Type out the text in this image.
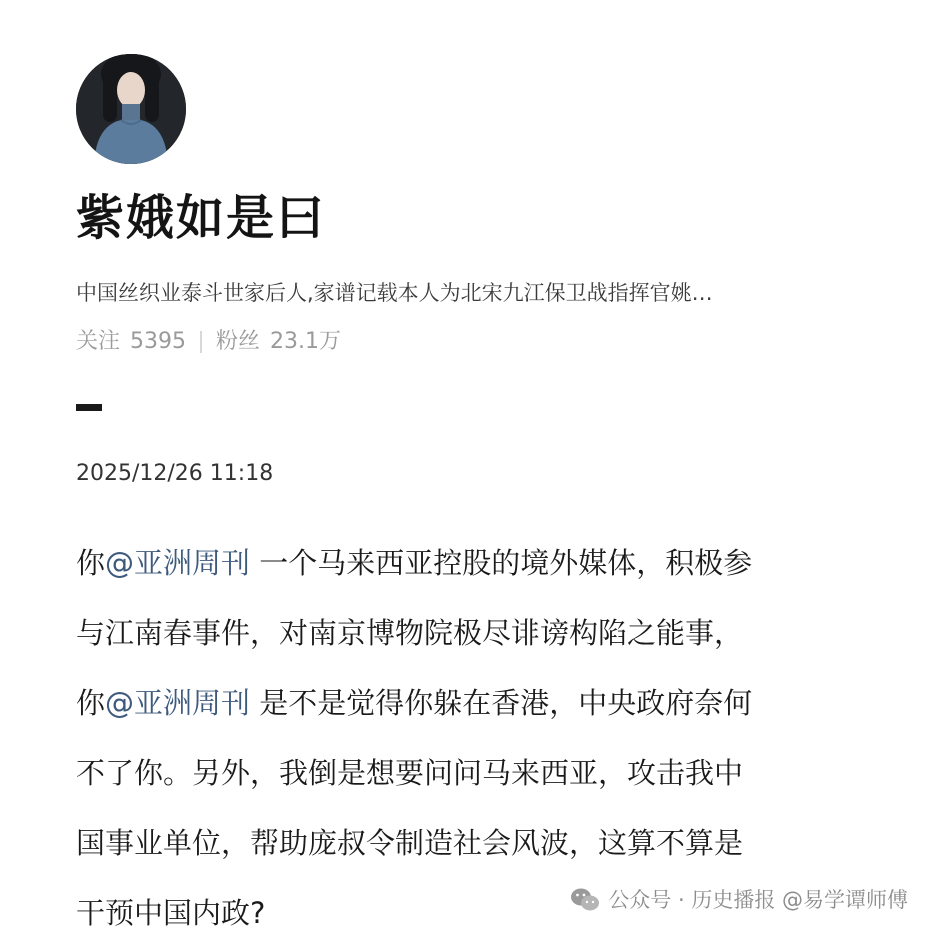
紫娥如是曰
中国丝织业泰斗世家后人,家谱记载本人为北宋九江保卫战指挥官姚…
关注 5395 粉丝 23.1万
2025/12/26 11:18
你@亚洲周刊 一个马来西亚控股的境外媒体，积极参
与江南春事件，对南京博物院极尽诽谤构陷之能事，
你@亚洲周刊 是不是觉得你躲在香港，中央政府奈何
不了你。另外，我倒是想要问问马来西亚，攻击我中
国事业单位，帮助庞叔令制造社会风波，这算不算是
干预中国内政?	公众号 · 历史播报 @易学谭师傅
